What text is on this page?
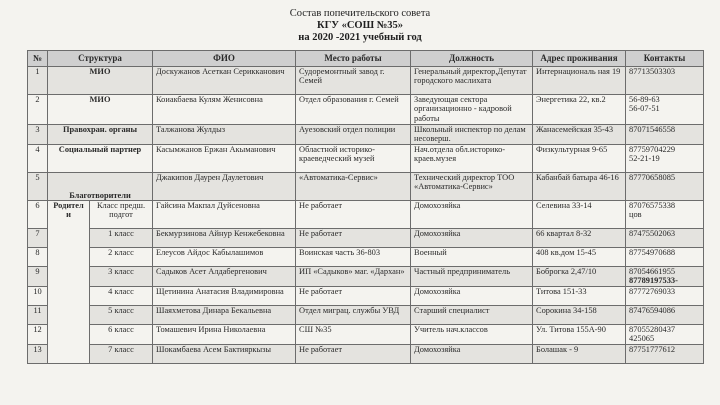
Состав попечительского совета
КГУ «СОШ №35»
на 2020 -2021 учебный год
№	Структура		ФИО	Место работы	Должность	Адрес проживания	Контакты
1	МИО		Доскужанов Асеткан Серикканович	Судоремонтный завод г. Семей	Генеральный директор,Депутат городского маслихата	Интернациональ ная 19	87713503303
2	МИО		Коиакбаева Кулям Женисовна	Отдел образования г. Семей	Заведующая сектора организационно - кадровой работы	Энергетика 22, кв.2	56-89-63
56-07-51

3	Правохран. органы		Талжанова Жулдыз	Ауезовский отдел полиции	Школьный инспектор по делам несоверш.	Жанасемейская 35-43	87071546558
4	Социальный партнер		Касымжанов Ержан Акыманович	Областной историко-краеведческий музей	Нач.отдела обл.историко-краев.музея	Физкультурная 9-65	87759704229
52-21-19

5	Благотворители		Джакипов Даурен Даулетович	«Автоматика-Сервис»	Технический директор ТОО «Автоматика-Сервис»	Кабанбай батыра 46-16	87770658085
6	Родители	Класс предш. подгот	Гайсина Макпал Дуйсеновна	Не работает	Домохозяйка	Селевина 33-14	87076575338
цов

7		1 класс	Бекмурзинова Айнур Кенжебековна	Не работает	Домохозяйка	66 квартал 8-32	87475502063
8		2 класс	Елеусов Айдос Кабылашимов	Воинская часть 36-803	Военный	408 кв.дом 15-45	87754970688
9		3 класс	Садыков Асет Алдабергенович	ИП «Садыков» маг. «Дархан»	Частный предприниматель	Боброгка 2,47/10	87054661955
87789197533-

10		4 класс	Щетинина Анатасия Владимировна	Не работает	Домохозяйка	Титова 151-33	87772769033
11		5 класс	Шаяхметова Динара Бекальевна	Отдел миграц. службы УВД	Старший специалист	Сорокина 34-158	87476594086
12		6 класс	Томашевич Ирина Николаевна	СШ №35	Учитель нач.классов	Ул. Титова 155А-90	87055280437
425065

13		7 класс	Шокамбаева Асем Бактияркызы	Не работает	Домохозяйка	Болашак - 9	87751777612
